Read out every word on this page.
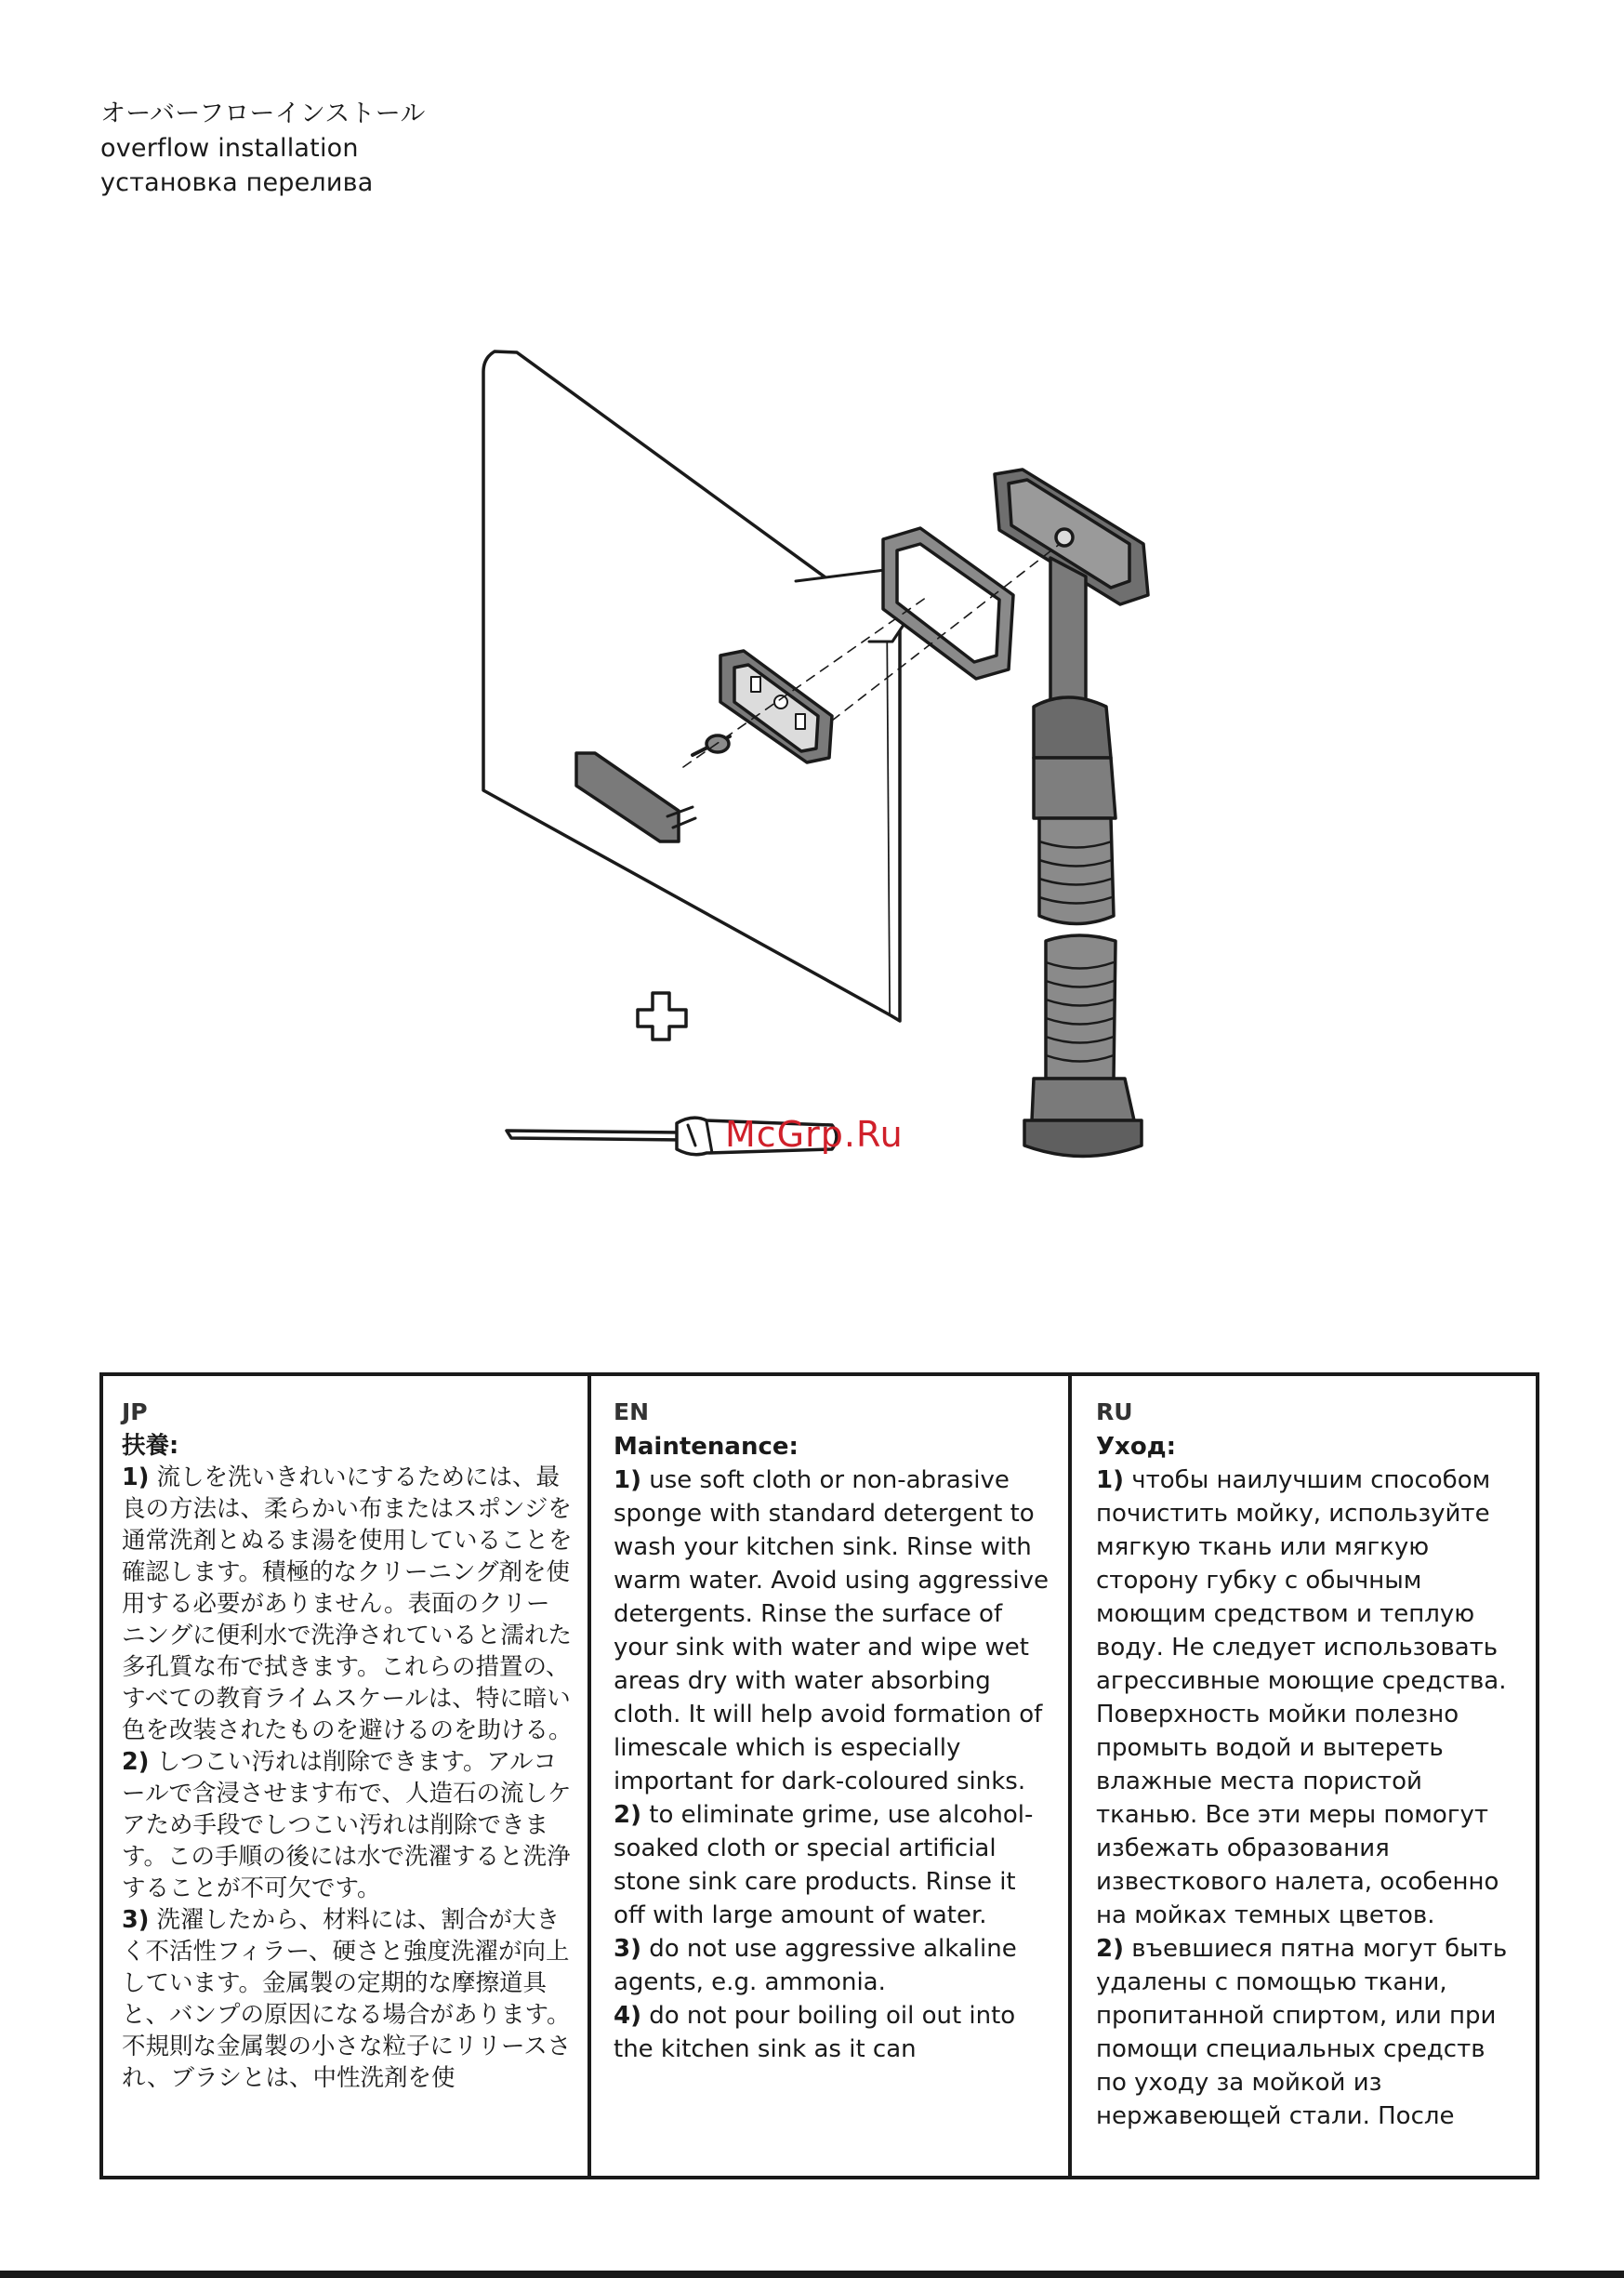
オーバーフローインストール
overflow installation
установка перелива
McGrp.Ru
JP
扶養:
1) 流しを洗いきれいにするためには、最良の方法は、柔らかい布またはスポンジを通常洗剤とぬるま湯を使用していることを確認します。積極的なクリーニング剤を使用する必要がありません。表面のクリーニングに便利水で洗浄されていると濡れた多孔質な布で拭きます。これらの措置の、すべての教育ライムスケールは、特に暗い色を改装されたものを避けるのを助ける。
2) しつこい汚れは削除できます。アルコールで含浸させます布で、人造石の流しケアため手段でしつこい汚れは削除できます。この手順の後には水で洗濯すると洗浄することが不可欠です。
3) 洗濯したから、材料には、割合が大きく不活性フィラー、硬さと強度洗濯が向上しています。金属製の定期的な摩擦道具と、バンプの原因になる場合があります。不規則な金属製の小さな粒子にリリースされ、ブラシとは、中性洗剤を使
EN
Maintenance:
1) use soft cloth or non-abrasive sponge with standard detergent to wash your kitchen sink. Rinse with warm water. Avoid using aggressive detergents. Rinse the surface of your sink with water and wipe wet areas dry with water absorbing cloth. It will help avoid formation of limescale which is especially important for dark-coloured sinks.
2) to eliminate grime, use alcohol-soaked cloth or special artificial stone sink care products. Rinse it off with large amount of water.
3) do not use aggressive alkaline agents, e.g. ammonia.
4) do not pour boiling oil out into the kitchen sink as it can
RU
Уход:
1) чтобы наилучшим способом почистить мойку, используйте мягкую ткань или мягкую сторону губку с обычным моющим средством и теплую воду. Не следует использовать агрессивные моющие средства. Поверхность мойки полезно промыть водой и вытереть влажные места пористой тканью. Все эти меры помогут избежать образования известкового налета, особенно на мойках темных цветов.
2) въевшиеся пятна могут быть удалены с помощью ткани, пропитанной спиртом, или при помощи специальных средств по уходу за мойкой из нержавеющей стали. После
